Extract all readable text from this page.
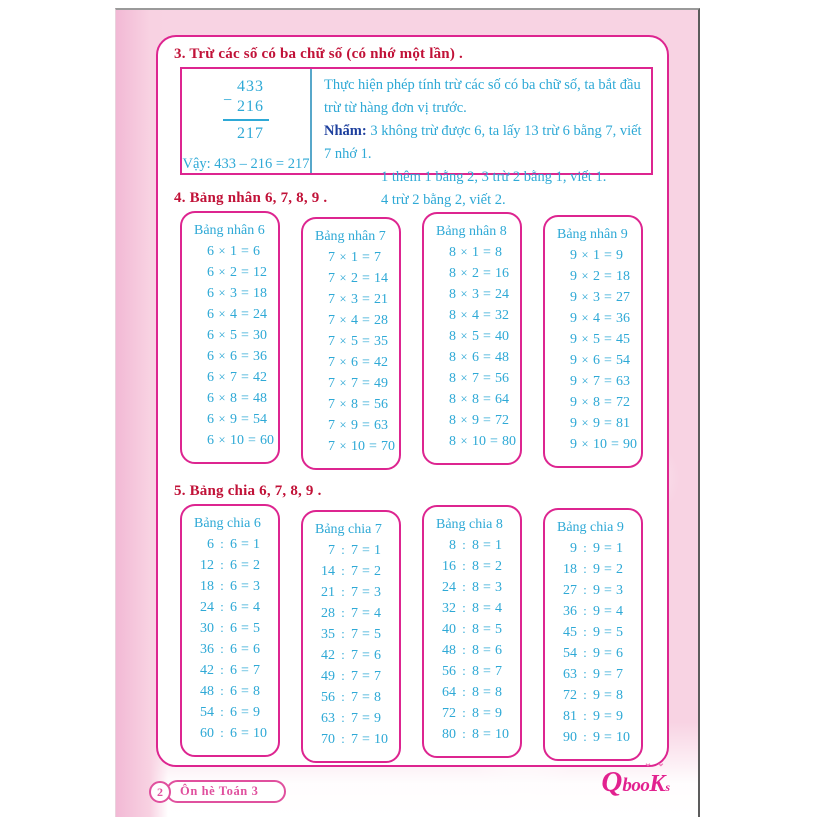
3. Trừ các số có ba chữ số (có nhớ một lần) .
−
433
216
217
Vậy: 433 – 216 = 217

Thực hiện phép tính trừ các số có ba chữ số, ta bắt đầu trừ từ hàng đơn vị trước.

Nhẩm: 3 không trừ được 6, ta lấy 13 trừ 6 bằng 7, viết 7 nhớ 1.

1 thêm 1 bằng 2, 3 trừ 2 bằng 1, viết 1.

4 trừ 2 bằng 2, viết 2.

4. Bảng nhân 6, 7, 8, 9 .
Bảng nhân 6
6 × 1 = 6
6 × 2 = 12
6 × 3 = 18
6 × 4 = 24
6 × 5 = 30
6 × 6 = 36
6 × 7 = 42
6 × 8 = 48
6 × 9 = 54
6 × 10 = 60
Bảng nhân 7
7 × 1 = 7
7 × 2 = 14
7 × 3 = 21
7 × 4 = 28
7 × 5 = 35
7 × 6 = 42
7 × 7 = 49
7 × 8 = 56
7 × 9 = 63
7 × 10 = 70
Bảng nhân 8
8 × 1 = 8
8 × 2 = 16
8 × 3 = 24
8 × 4 = 32
8 × 5 = 40
8 × 6 = 48
8 × 7 = 56
8 × 8 = 64
8 × 9 = 72
8 × 10 = 80
Bảng nhân 9
9 × 1 = 9
9 × 2 = 18
9 × 3 = 27
9 × 4 = 36
9 × 5 = 45
9 × 6 = 54
9 × 7 = 63
9 × 8 = 72
9 × 9 = 81
9 × 10 = 90
5. Bảng chia 6, 7, 8, 9 .
Bảng chia 6
6 : 6 = 1
12 : 6 = 2
18 : 6 = 3
24 : 6 = 4
30 : 6 = 5
36 : 6 = 6
42 : 6 = 7
48 : 6 = 8
54 : 6 = 9
60 : 6 = 10
Bảng chia 7
7 : 7 = 1
14 : 7 = 2
21 : 7 = 3
28 : 7 = 4
35 : 7 = 5
42 : 7 = 6
49 : 7 = 7
56 : 7 = 8
63 : 7 = 9
70 : 7 = 10
Bảng chia 8
8 : 8 = 1
16 : 8 = 2
24 : 8 = 3
32 : 8 = 4
40 : 8 = 5
48 : 8 = 6
56 : 8 = 7
64 : 8 = 8
72 : 8 = 9
80 : 8 = 10
Bảng chia 9
9 : 9 = 1
18 : 9 = 2
27 : 9 = 3
36 : 9 = 4
45 : 9 = 5
54 : 9 = 6
63 : 9 = 7
72 : 9 = 8
81 : 9 = 9
90 : 9 = 10
2	Ôn hè Toán 3
⌄ ⌄
QbooKs
